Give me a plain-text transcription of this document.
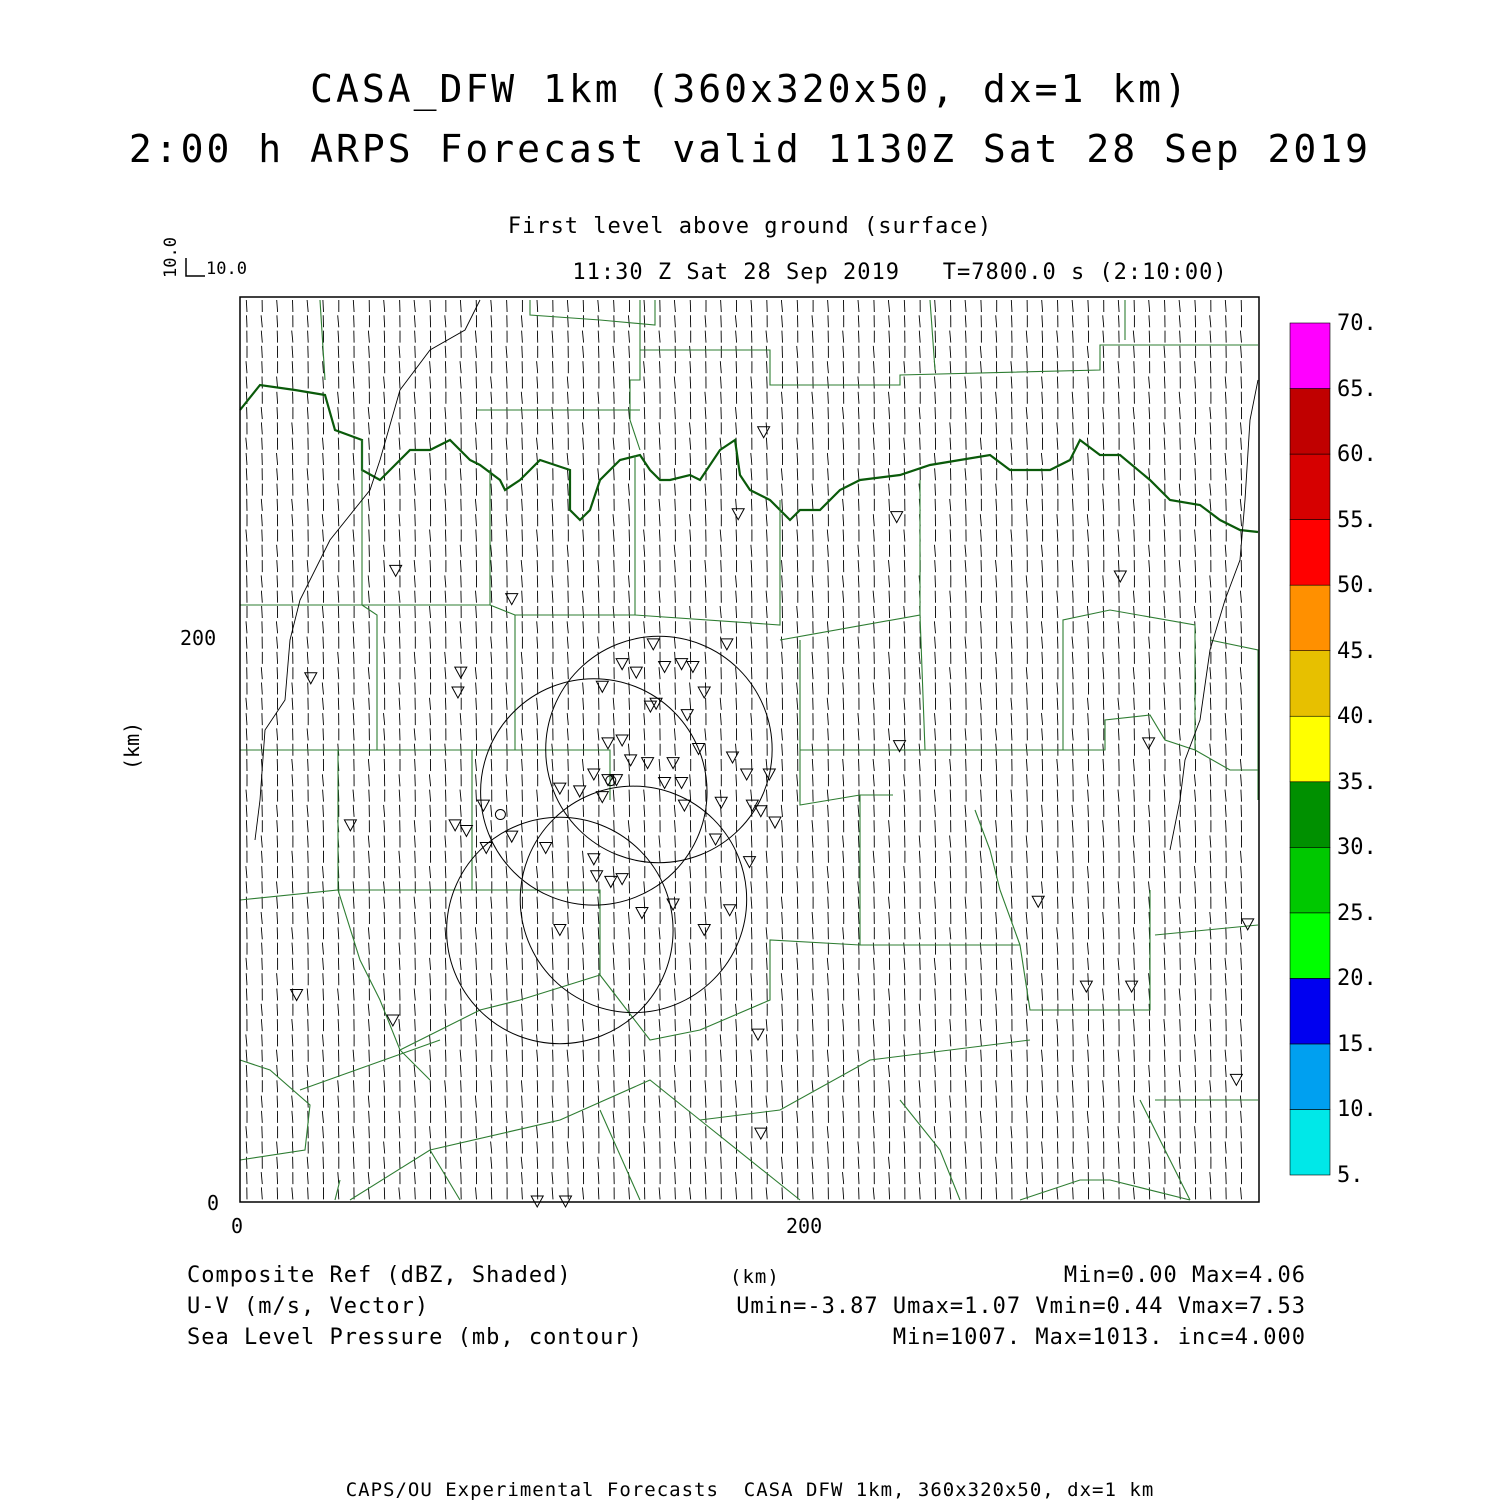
CASA_DFW 1km (360x320x50, dx=1 km)
2:00 h ARPS Forecast valid 1130Z Sat 28 Sep 2019
First level above ground (surface)
11:30 Z Sat 28 Sep 2019   T=7800.0 s (2:10:00)
10.0
10.0
200
0
0	200
(km)
5.
10.
15.
20.
25.
30.
35.
40.
45.
50.
55.
60.
65.
70.
Composite Ref (dBZ, Shaded)
U-V (m/s, Vector)
Sea Level Pressure (mb, contour)
(km)	Min=0.00 Max=4.06
Umin=-3.87 Umax=1.07 Vmin=0.44 Vmax=7.53
Min=1007. Max=1013. inc=4.000
CAPS/OU Experimental Forecasts  CASA DFW 1km, 360x320x50, dx=1 km
